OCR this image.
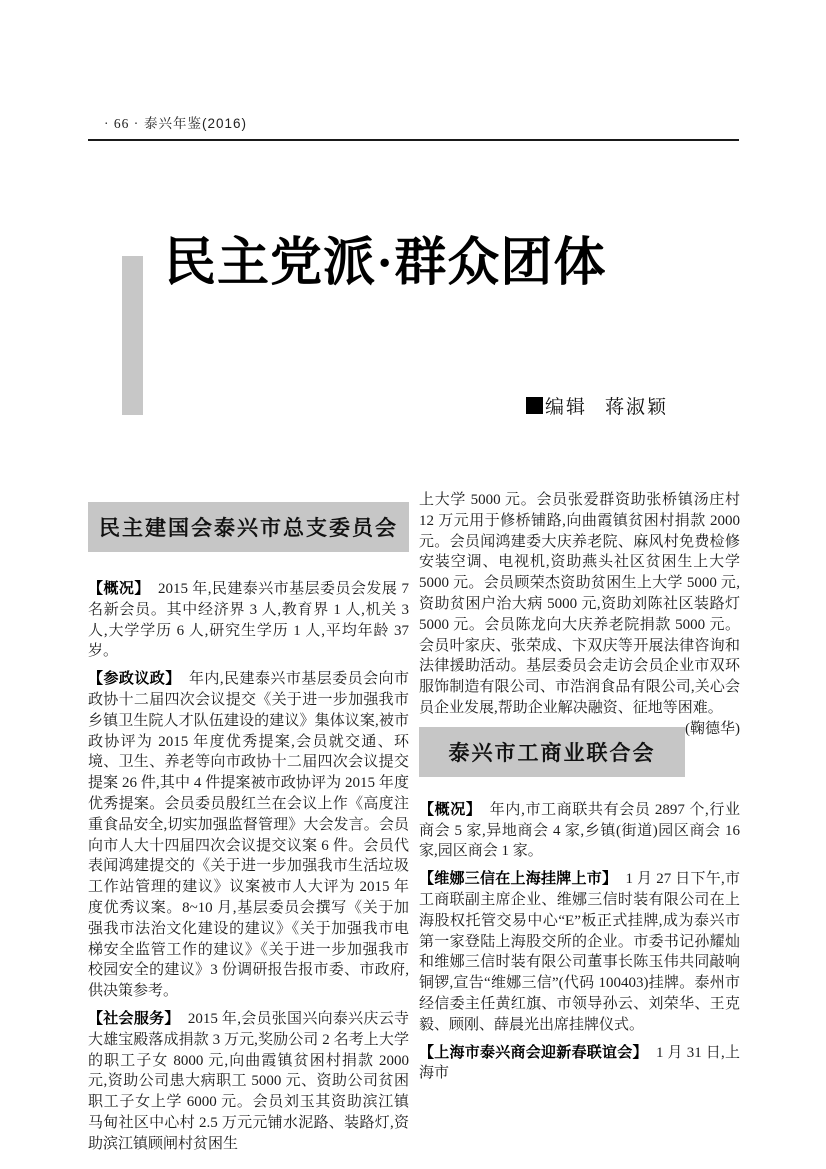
· 66 · 泰兴年鉴(2016)
民主党派·群众团体
编辑 蒋淑颖
民主建国会泰兴市总支委员会

【概况】 2015 年,民建泰兴市基层委员会发展 7 名新会员。其中经济界 3 人,教育界 1 人,机关 3 人,大学学历 6 人,研究生学历 1 人,平均年龄 37 岁。

【参政议政】 年内,民建泰兴市基层委员会向市政协十二届四次会议提交《关于进一步加强我市乡镇卫生院人才队伍建设的建议》集体议案,被市政协评为 2015 年度优秀提案,会员就交通、环境、卫生、养老等向市政协十二届四次会议提交提案 26 件,其中 4 件提案被市政协评为 2015 年度优秀提案。会员委员殷红兰在会议上作《高度注重食品安全,切实加强监督管理》大会发言。会员向市人大十四届四次会议提交议案 6 件。会员代表闻鸿建提交的《关于进一步加强我市生活垃圾工作站管理的建议》议案被市人大评为 2015 年度优秀议案。8~10 月,基层委员会撰写《关于加强我市法治文化建设的建议》《关于加强我市电梯安全监管工作的建议》《关于进一步加强我市校园安全的建议》3 份调研报告报市委、市政府,供决策参考。

【社会服务】 2015 年,会员张国兴向泰兴庆云寺大雄宝殿落成捐款 3 万元,奖励公司 2 名考上大学的职工子女 8000 元,向曲霞镇贫困村捐款 2000 元,资助公司患大病职工 5000 元、资助公司贫困职工子女上学 6000 元。会员刘玉其资助滨江镇马甸社区中心村 2.5 万元元铺水泥路、装路灯,资助滨江镇顾闸村贫困生

上大学 5000 元。会员张爱群资助张桥镇汤庄村 12 万元用于修桥铺路,向曲霞镇贫困村捐款 2000 元。会员闻鸿建委大庆养老院、麻风村免费检修安装空调、电视机,资助燕头社区贫困生上大学 5000 元。会员顾荣杰资助贫困生上大学 5000 元,资助贫困户治大病 5000 元,资助刘陈社区装路灯 5000 元。会员陈龙向大庆养老院捐款 5000 元。会员叶家庆、张荣成、卞双庆等开展法律咨询和法律援助活动。基层委员会走访会员企业市双环服饰制造有限公司、市浩润食品有限公司,关心会员企业发展,帮助企业解决融资、征地等困难。
(鞠德华)

泰兴市工商业联合会

【概况】 年内,市工商联共有会员 2897 个,行业商会 5 家,异地商会 4 家,乡镇(街道)园区商会 16 家,园区商会 1 家。

【维娜三信在上海挂牌上市】 1 月 27 日下午,市工商联副主席企业、维娜三信时装有限公司在上海股权托管交易中心“E”板正式挂牌,成为泰兴市第一家登陆上海股交所的企业。市委书记孙耀灿和维娜三信时装有限公司董事长陈玉伟共同敲响铜锣,宣告“维娜三信”(代码 100403)挂牌。泰州市经信委主任黄红旗、市领导孙云、刘荣华、王克毅、顾刚、薛晨光出席挂牌仪式。

【上海市泰兴商会迎新春联谊会】 1 月 31 日,上海市
